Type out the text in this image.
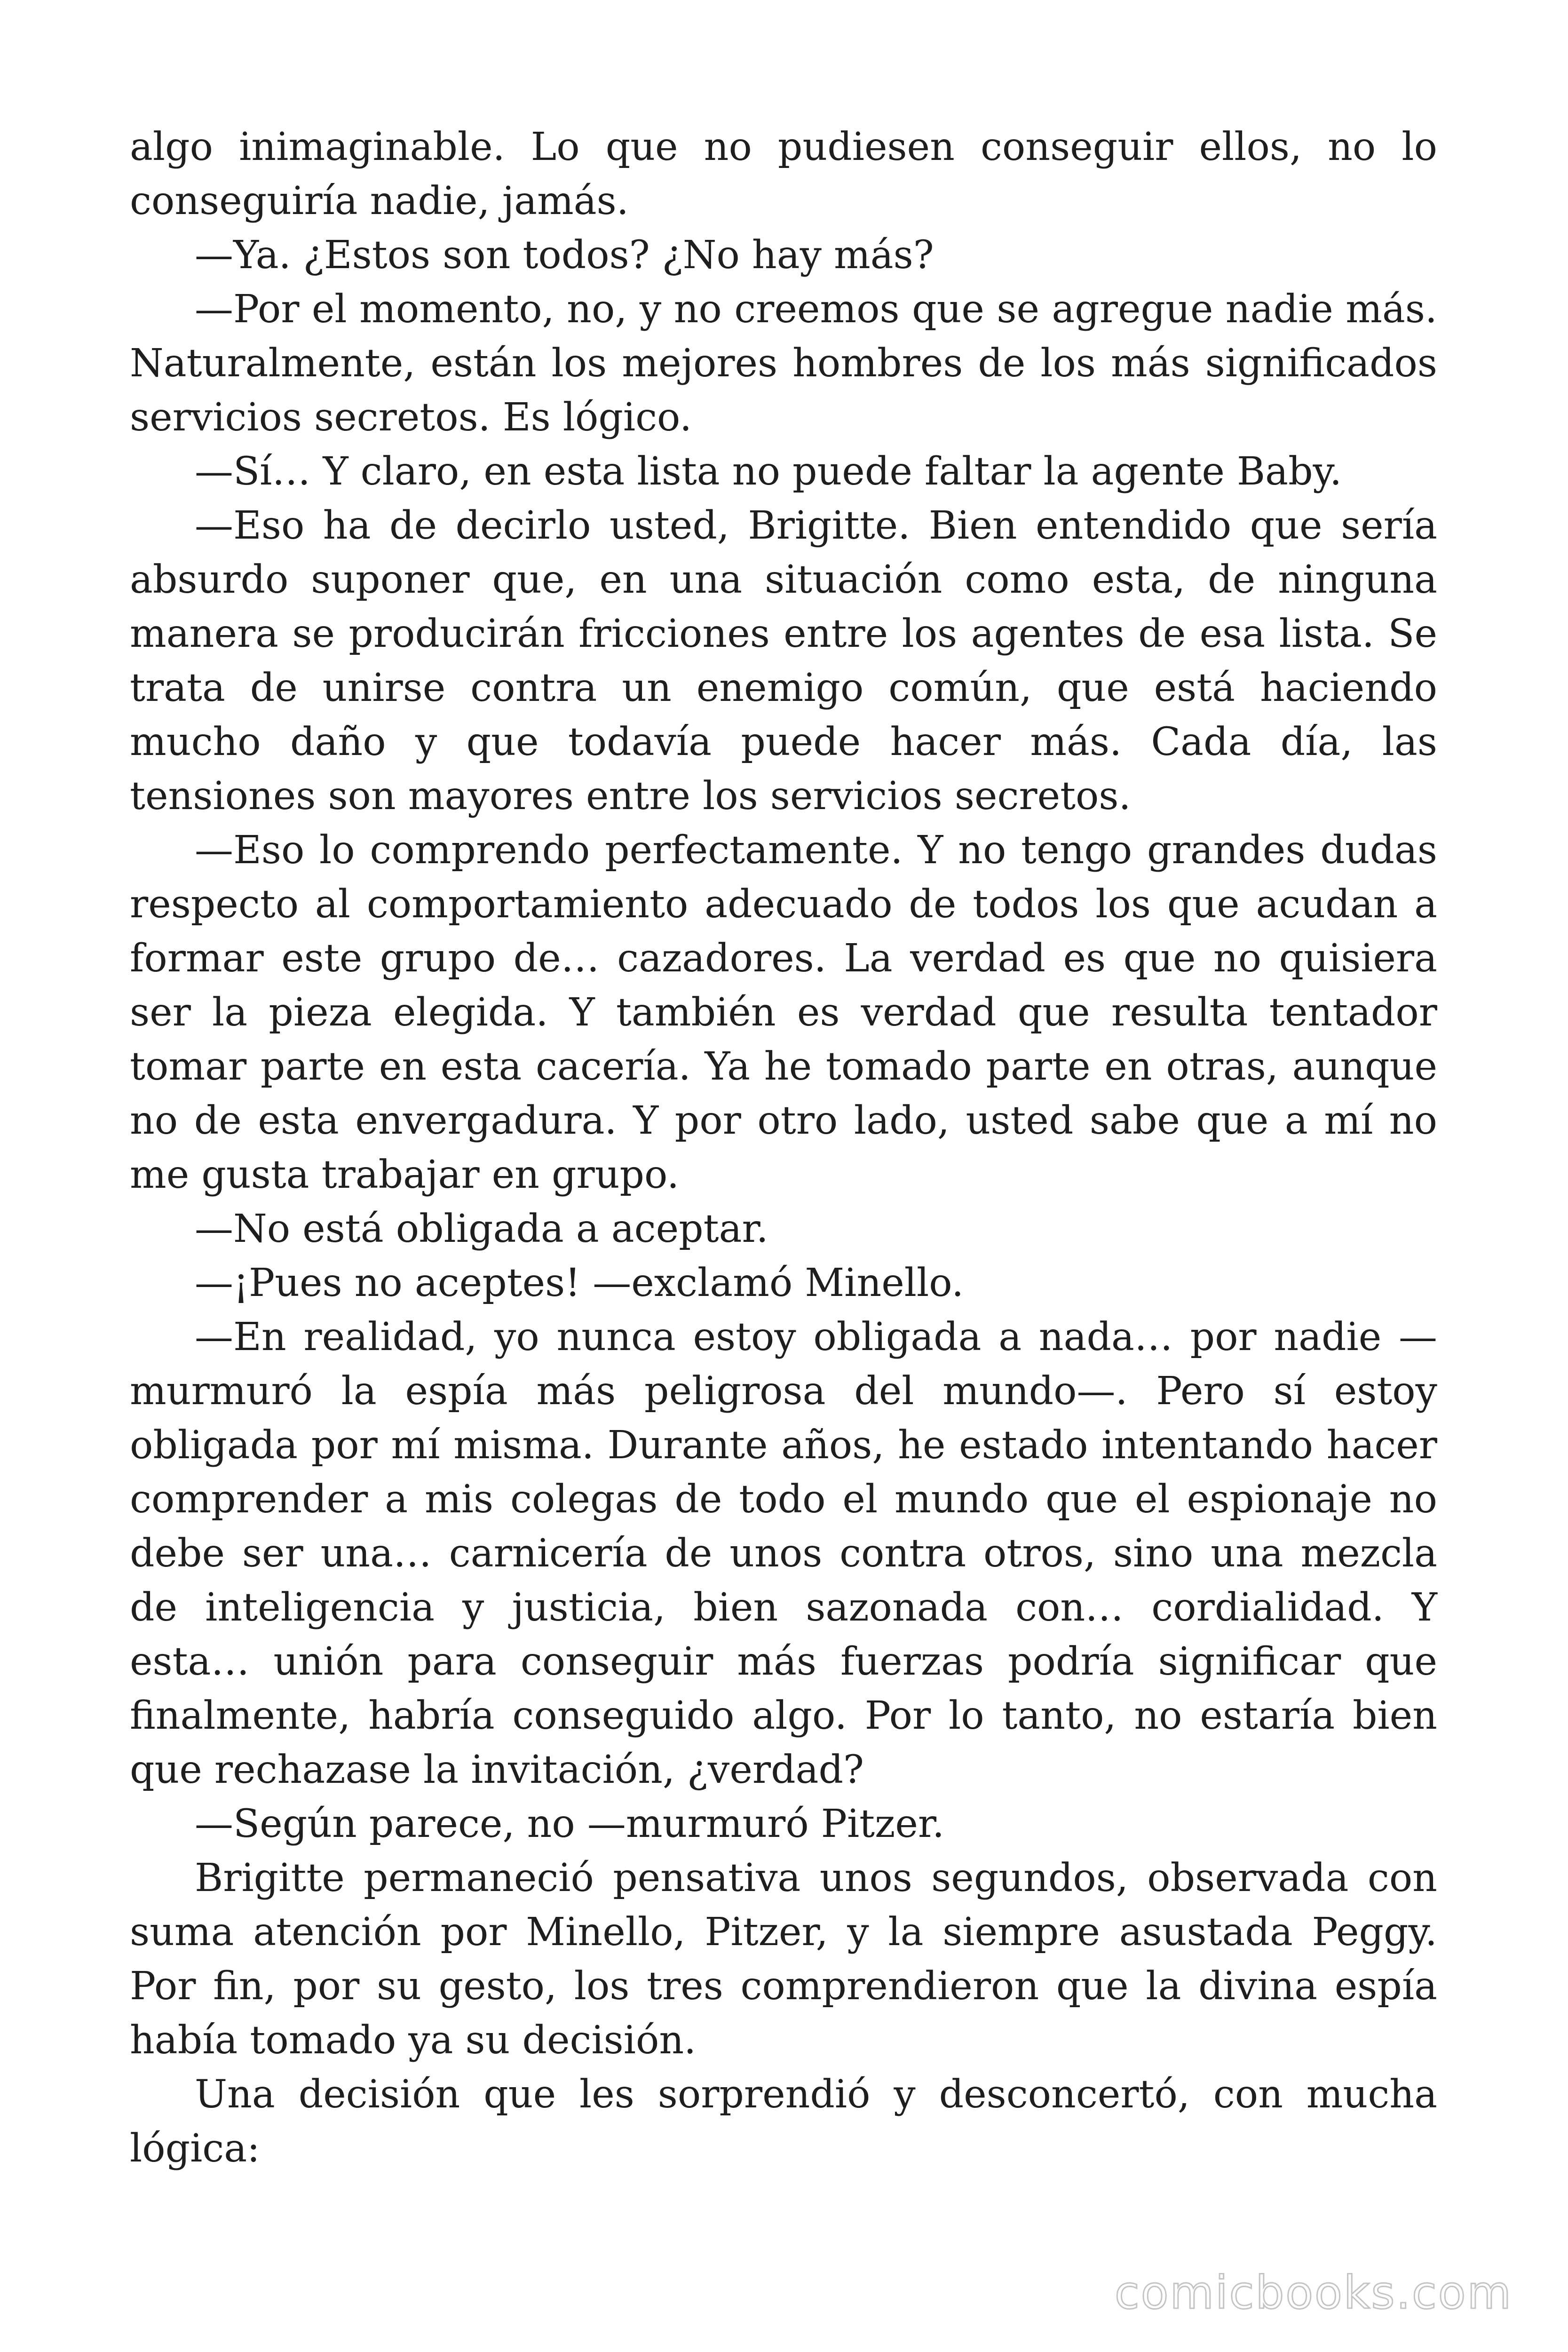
algo inimaginable. Lo que no pudiesen conseguir ellos, no lo conseguiría nadie, jamás.

—Ya. ¿Estos son todos? ¿No hay más?

—Por el momento, no, y no creemos que se agregue nadie más. Naturalmente, están los mejores hombres de los más significados servicios secretos. Es lógico.

—Sí… Y claro, en esta lista no puede faltar la agente Baby.

—Eso ha de decirlo usted, Brigitte. Bien entendido que sería absurdo suponer que, en una situación como esta, de ninguna manera se producirán fricciones entre los agentes de esa lista. Se trata de unirse contra un enemigo común, que está haciendo mucho daño y que todavía puede hacer más. Cada día, las tensiones son mayores entre los servicios secretos.

—Eso lo comprendo perfectamente. Y no tengo grandes dudas respecto al comportamiento adecuado de todos los que acudan a formar este grupo de… cazadores. La verdad es que no quisiera ser la pieza elegida. Y también es verdad que resulta tentador tomar parte en esta cacería. Ya he tomado parte en otras, aunque no de esta envergadura. Y por otro lado, usted sabe que a mí no me gusta trabajar en grupo.

—No está obligada a aceptar.

—¡Pues no aceptes! —exclamó Minello.

—En realidad, yo nunca estoy obligada a nada… por nadie —murmuró la espía más peligrosa del mundo—. Pero sí estoy obligada por mí misma. Durante años, he estado intentando hacer comprender a mis colegas de todo el mundo que el espionaje no debe ser una… carnicería de unos contra otros, sino una mezcla de inteligencia y justicia, bien sazonada con… cordialidad. Y esta… unión para conseguir más fuerzas podría significar que finalmente, habría conseguido algo. Por lo tanto, no estaría bien que rechazase la invitación, ¿verdad?

—Según parece, no —murmuró Pitzer.

Brigitte permaneció pensativa unos segundos, observada con suma atención por Minello, Pitzer, y la siempre asustada Peggy. Por fin, por su gesto, los tres comprendieron que la divina espía había tomado ya su decisión.

Una decisión que les sorprendió y desconcertó, con mucha lógica:

comicbooks.com
